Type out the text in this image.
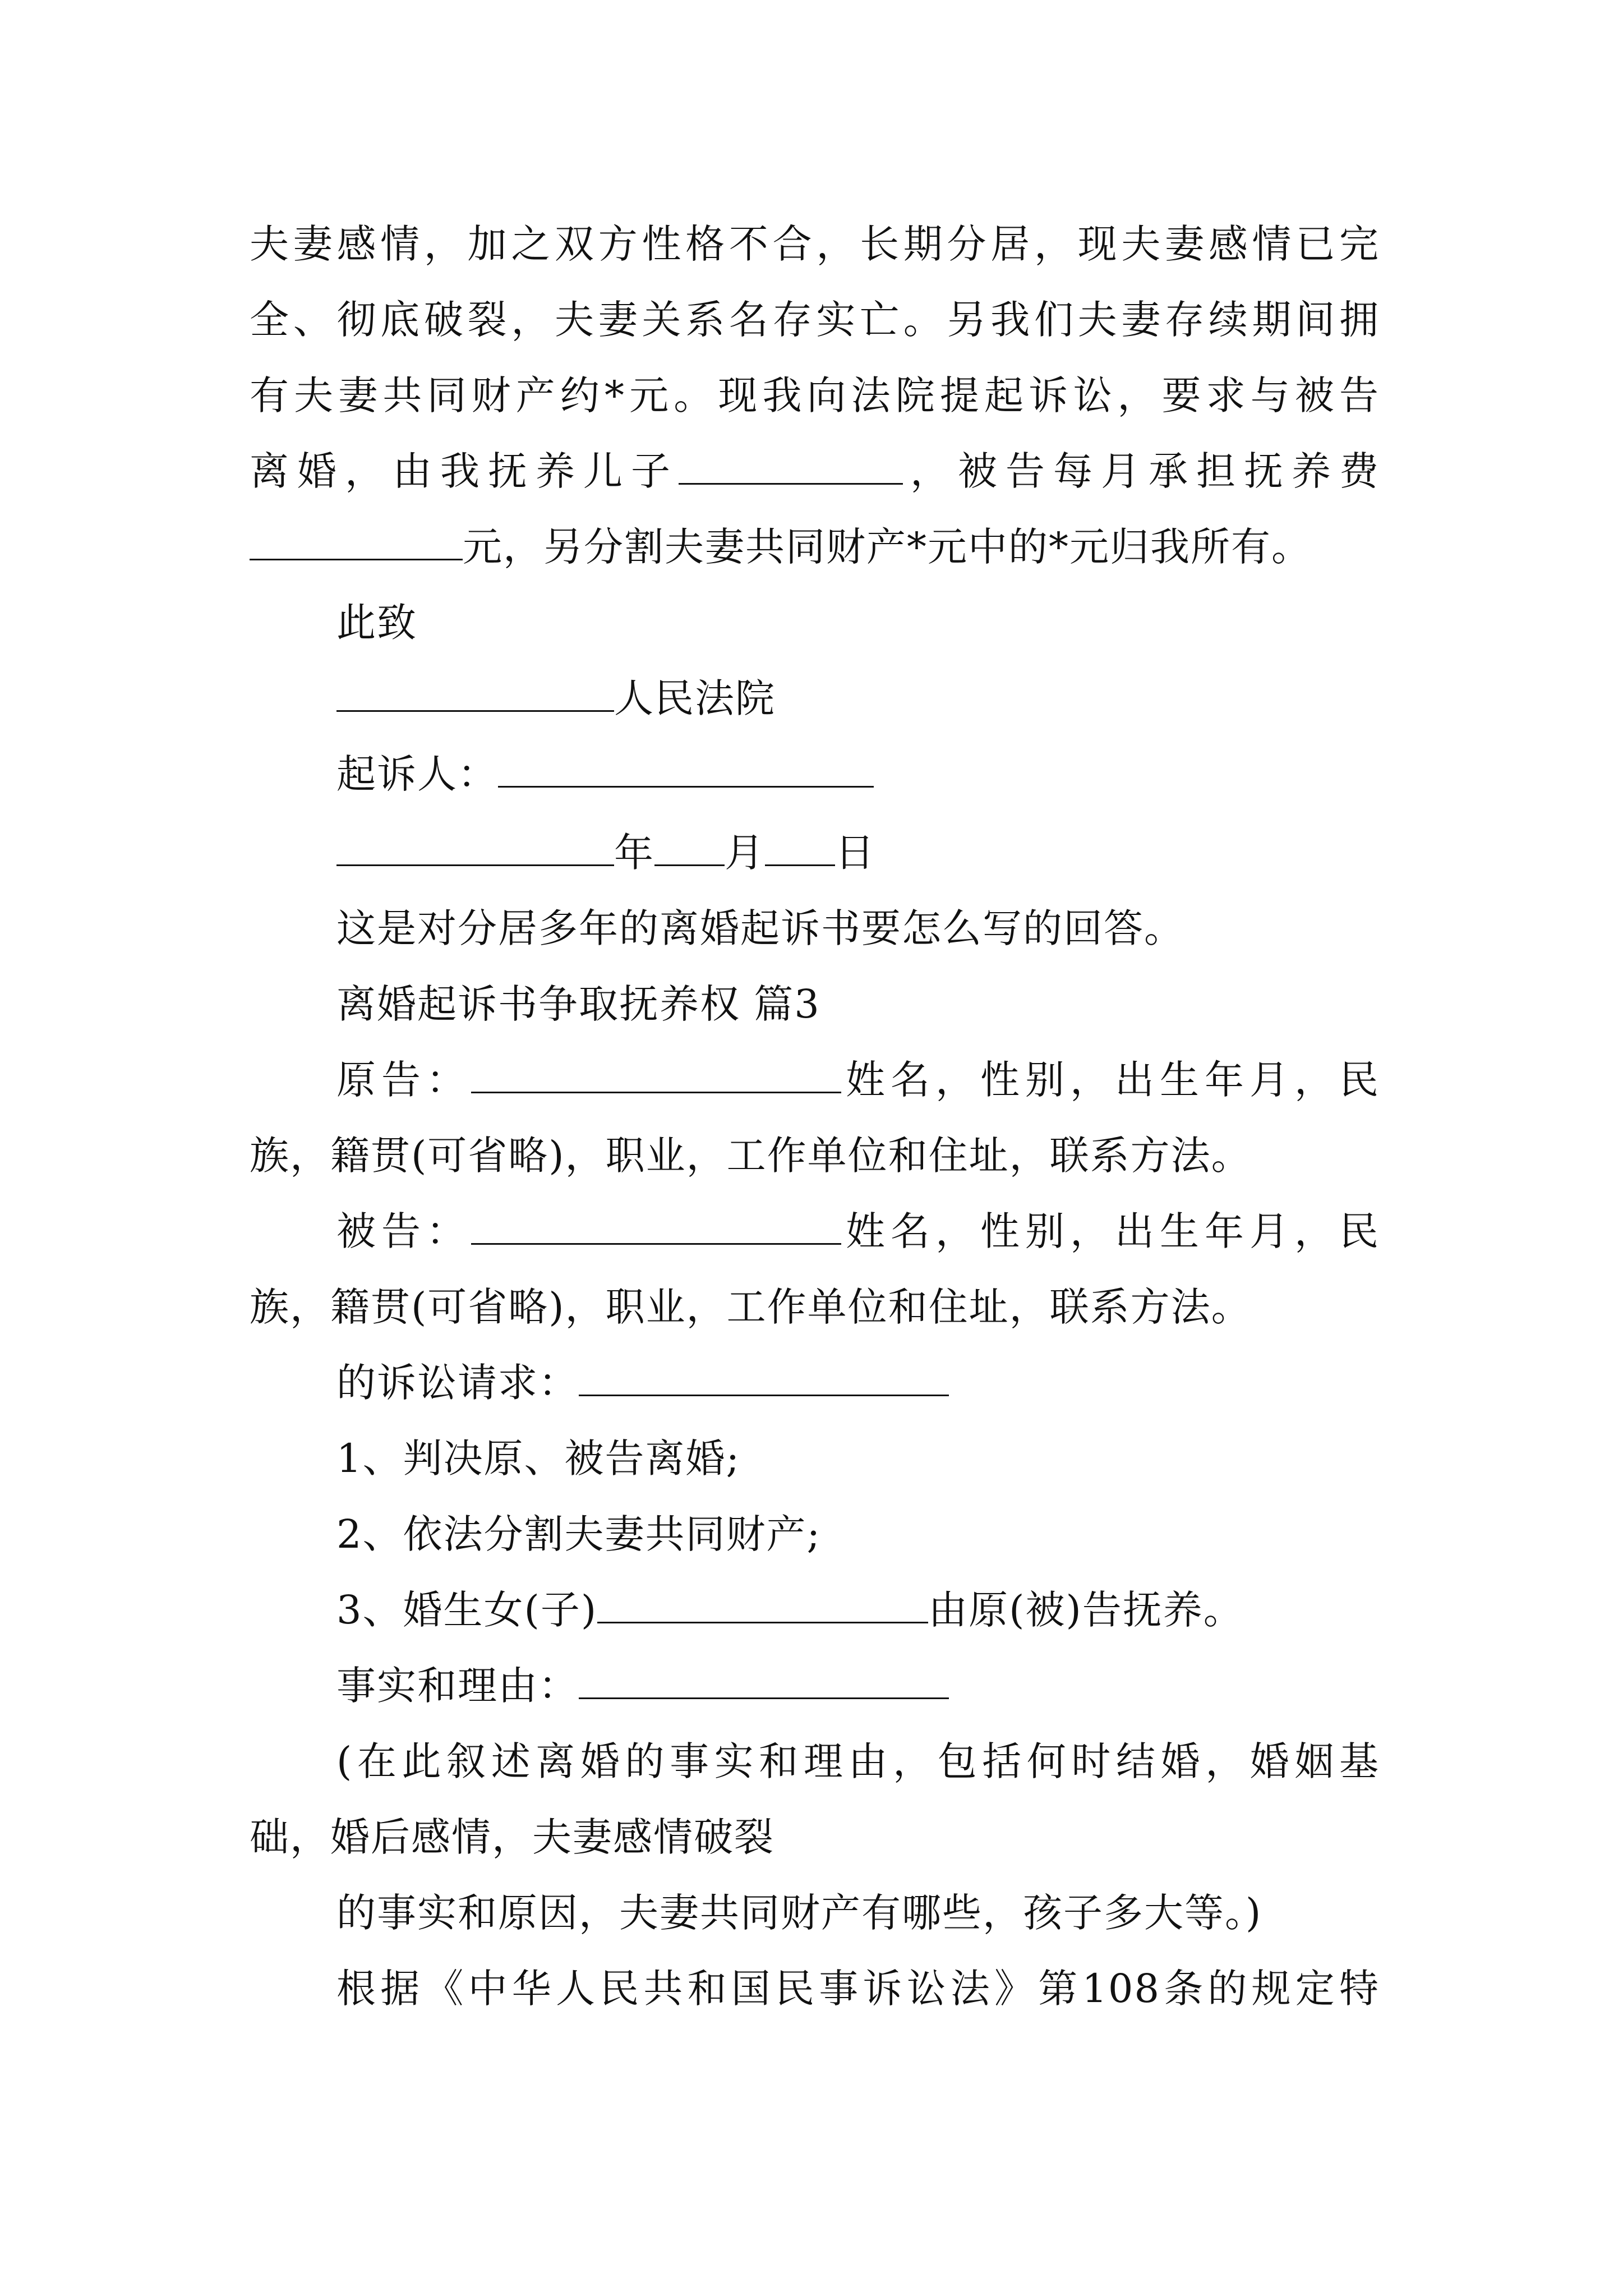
夫妻感情，加之双方性格不合，长期分居，现夫妻感情已完
全、彻底破裂，夫妻关系名存实亡。另我们夫妻存续期间拥
有夫妻共同财产约*元。现我向法院提起诉讼，要求与被告
离婚，由我抚养儿子	，被告每月承担抚养费
元，另分割夫妻共同财产*元中的*元归我所有。
此致
人民法院
起诉人：
年 月 日
这是对分居多年的离婚起诉书要怎么写的回答。
离婚起诉书争取抚养权 篇3
原告：	姓名，性别，出生年月，民
族，籍贯(可省略)，职业，工作单位和住址，联系方法。
被告：	姓名，性别，出生年月，民
族，籍贯(可省略)，职业，工作单位和住址，联系方法。
的诉讼请求：
1、判决原、被告离婚;
2、依法分割夫妻共同财产;
3、婚生女(子)	由原(被)告抚养。
事实和理由：
(在此叙述离婚的事实和理由，包括何时结婚，婚姻基
础，婚后感情，夫妻感情破裂
的事实和原因，夫妻共同财产有哪些，孩子多大等。)
根据《中华人民共和国民事诉讼法》第108条的规定特
